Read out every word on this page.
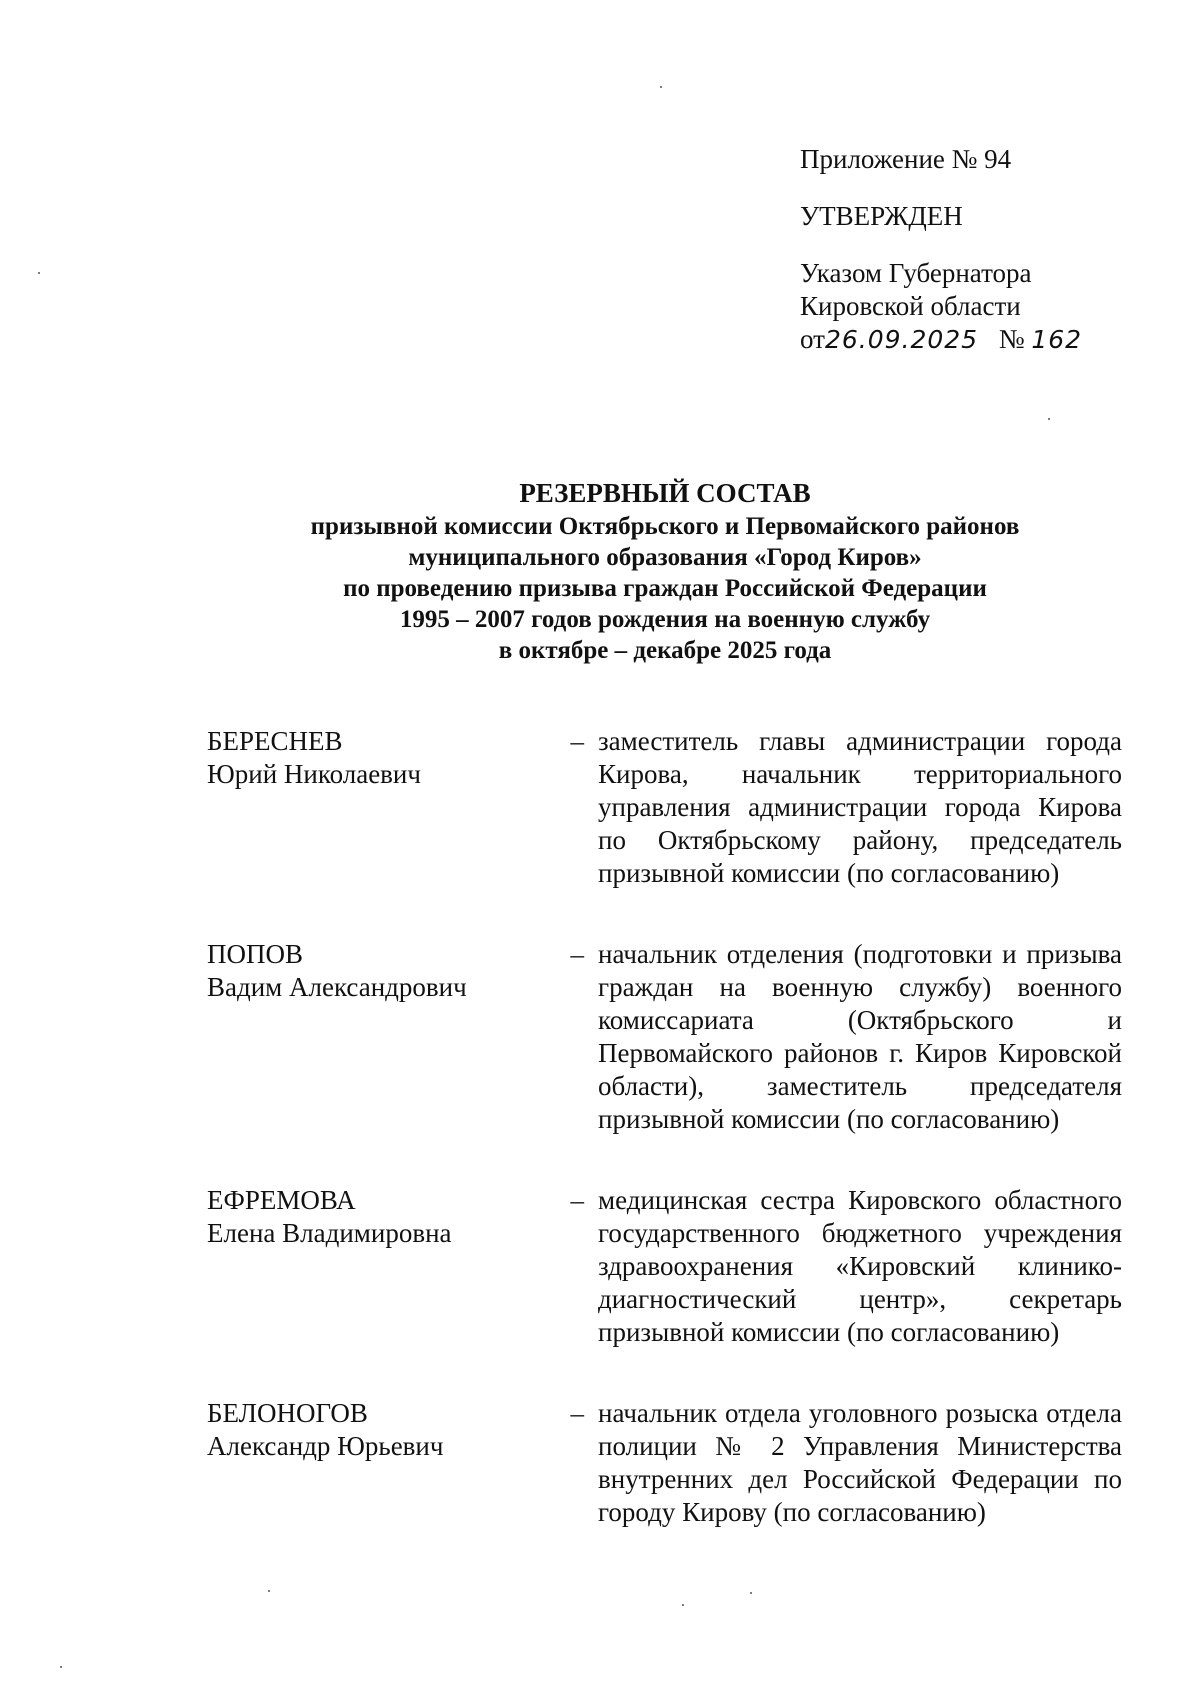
Приложение № 94

УТВЕРЖДЕН

Указом Губернатора
Кировской области
от26.09.2025 № 162
РЕЗЕРВНЫЙ СОСТАВ
призывной комиссии Октябрьского и Первомайского районов
муниципального образования «Город Киров»
по проведению призыва граждан Российской Федерации
1995 – 2007 годов рождения на военную службу
в октябре – декабре 2025 года
БЕРЕСНЕВ
Юрий Николаевич
– заместитель главы администрации города Кирова, начальник территориального управления администрации города Кирова по Октябрьскому району, председатель призывной комиссии (по согласованию)
ПОПОВ
Вадим Александрович
– начальник отделения (подготовки и призыва граждан на военную службу) военного комиссариата (Октябрьского и Первомайского районов г. Киров Кировской области), заместитель председателя призывной комиссии (по согласованию)
ЕФРЕМОВА
Елена Владимировна
– медицинская сестра Кировского областного государственного бюджетного учреждения здравоохранения «Кировский клинико-диагностический центр», секретарь призывной комиссии (по согласованию)
БЕЛОНОГОВ
Александр Юрьевич
– начальник отдела уголовного розыска отдела полиции № 2 Управления Министерства внутренних дел Российской Федерации по городу Кирову (по согласованию)
